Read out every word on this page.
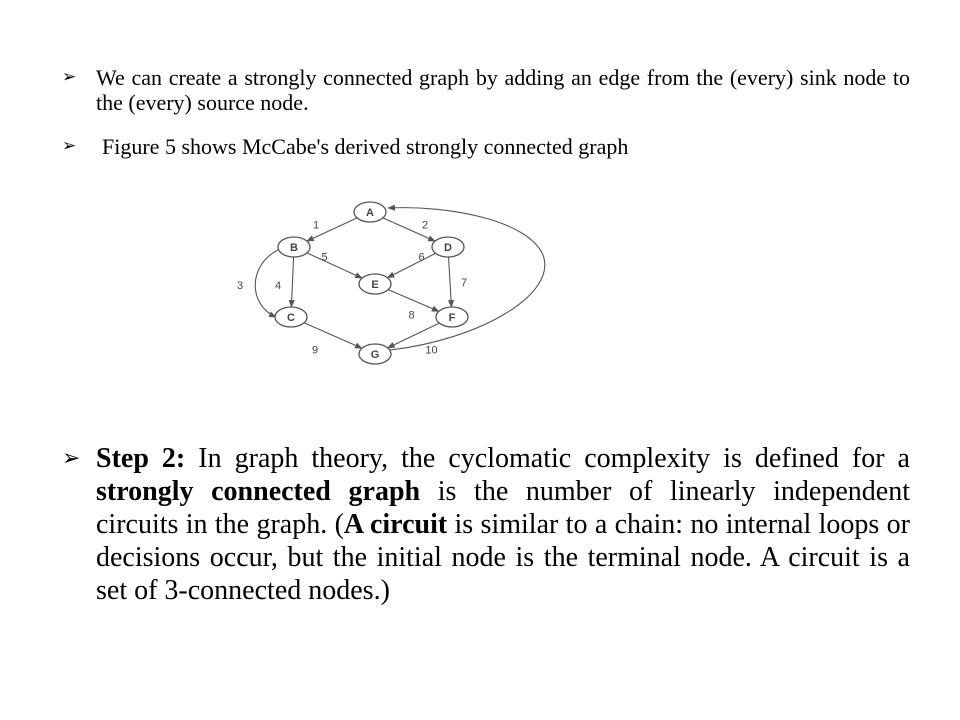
➢ We can create a strongly connected graph by adding an edge from the (every) sink node to the (every) source node.
➢	Figure 5 shows McCabe's derived strongly connected graph
1	2
3	4
5	6
7
8
9	10
A
B	D
E
C	F
G
➢ Step 2: In graph theory, the cyclomatic complexity is defined for a strongly connected graph is the number of linearly independent circuits in the graph. (A circuit is similar to a chain: no internal loops or decisions occur, but the initial node is the terminal node. A circuit is a set of 3-connected nodes.)
